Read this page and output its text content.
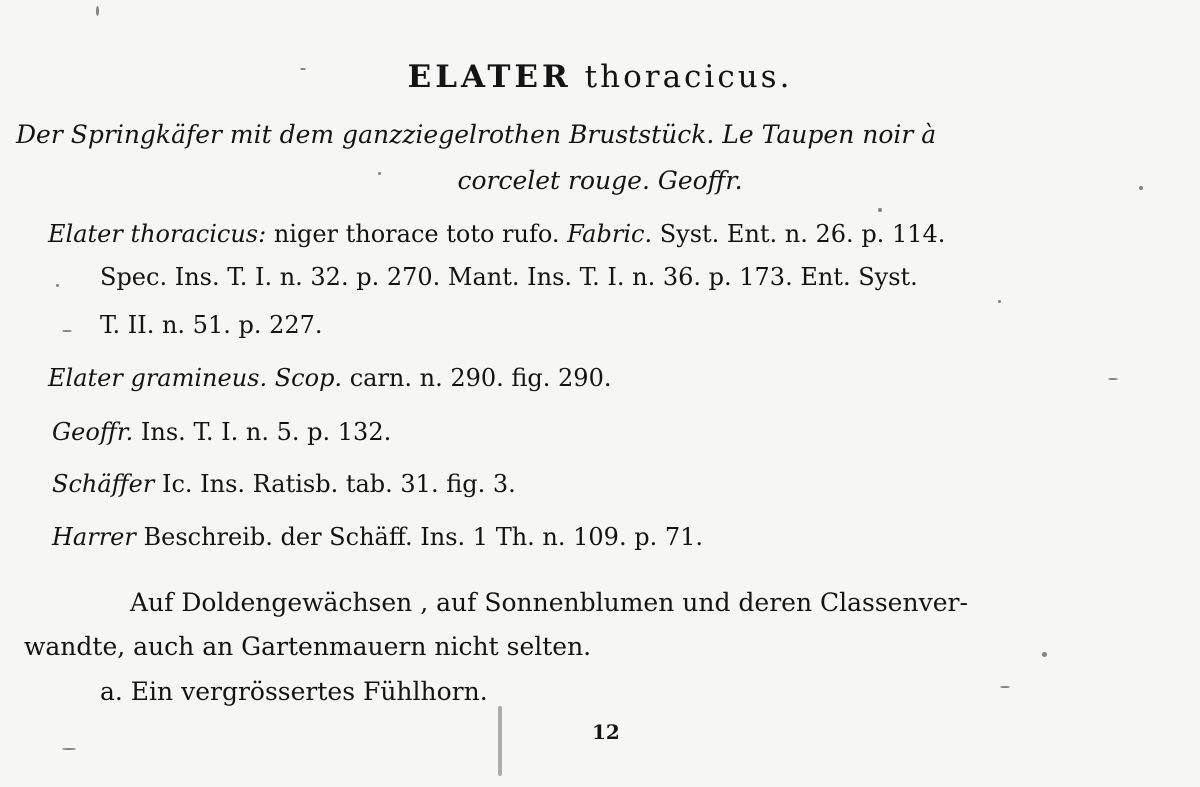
ELATER thoracicus.
Der Springkäfer mit dem ganzziegelrothen Bruststück. Le Taupen noir à
corcelet rouge. Geoffr.
Elater thoracicus: niger thorace toto rufo. Fabric. Syst. Ent. n. 26. p. 114.
Spec. Ins. T. I. n. 32. p. 270. Mant. Ins. T. I. n. 36. p. 173. Ent. Syst.
T. II. n. 51. p. 227.
Elater gramineus. Scop. carn. n. 290. fig. 290.
Geoffr. Ins. T. I. n. 5. p. 132.
Schäffer Ic. Ins. Ratisb. tab. 31. fig. 3.
Harrer Beschreib. der Schäff. Ins. 1 Th. n. 109. p. 71.
Auf Doldengewächsen , auf Sonnenblumen und deren Classenver-
wandte, auch an Gartenmauern nicht selten.
a. Ein vergrössertes Fühlhorn.
12
